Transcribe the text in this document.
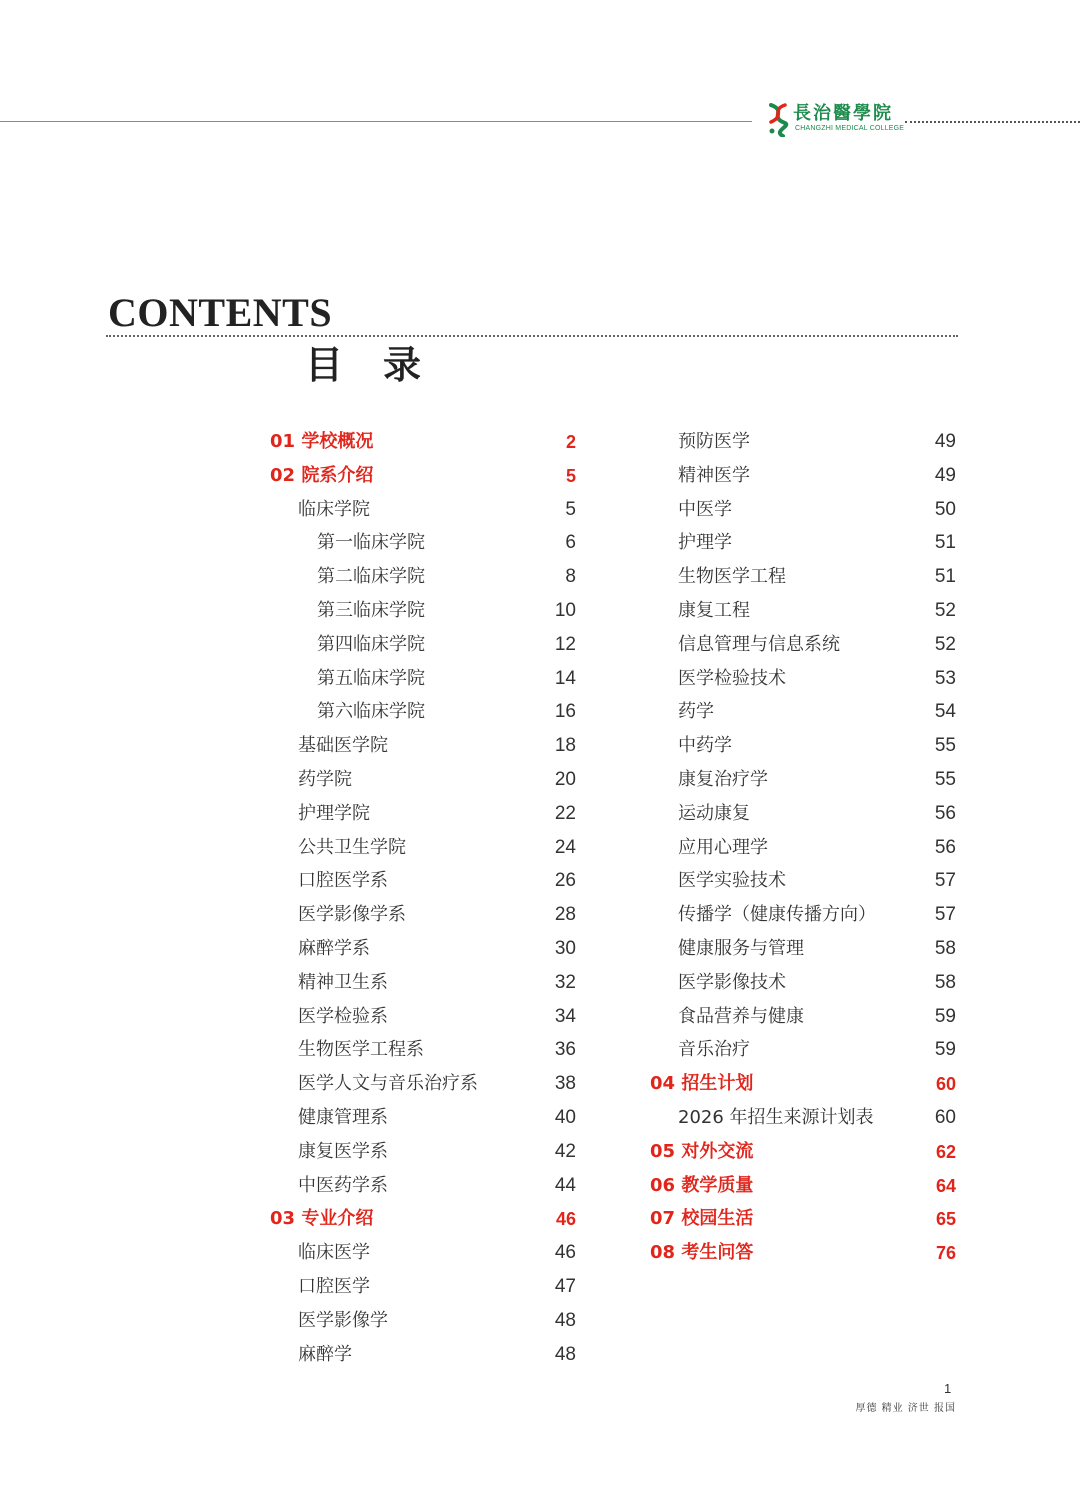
長治醫學院
CHANGZHI MEDICAL COLLEGE
CONTENTS
目录
01 学校概况	2
02 院系介绍	5
临床学院	5
第一临床学院	6
第二临床学院	8
第三临床学院	10
第四临床学院	12
第五临床学院	14
第六临床学院	16
基础医学院	18
药学院	20
护理学院	22
公共卫生学院	24
口腔医学系	26
医学影像学系	28
麻醉学系	30
精神卫生系	32
医学检验系	34
生物医学工程系	36
医学人文与音乐治疗系	38
健康管理系	40
康复医学系	42
中医药学系	44
03 专业介绍	46
临床医学	46
口腔医学	47
医学影像学	48
麻醉学	48
预防医学	49
精神医学	49
中医学	50
护理学	51
生物医学工程	51
康复工程	52
信息管理与信息系统	52
医学检验技术	53
药学	54
中药学	55
康复治疗学	55
运动康复	56
应用心理学	56
医学实验技术	57
传播学（健康传播方向）	57
健康服务与管理	58
医学影像技术	58
食品营养与健康	59
音乐治疗	59
04 招生计划	60
2026 年招生来源计划表	60
05 对外交流	62
06 教学质量	64
07 校园生活	65
08 考生问答	76
1
厚德 精业 济世 报国
